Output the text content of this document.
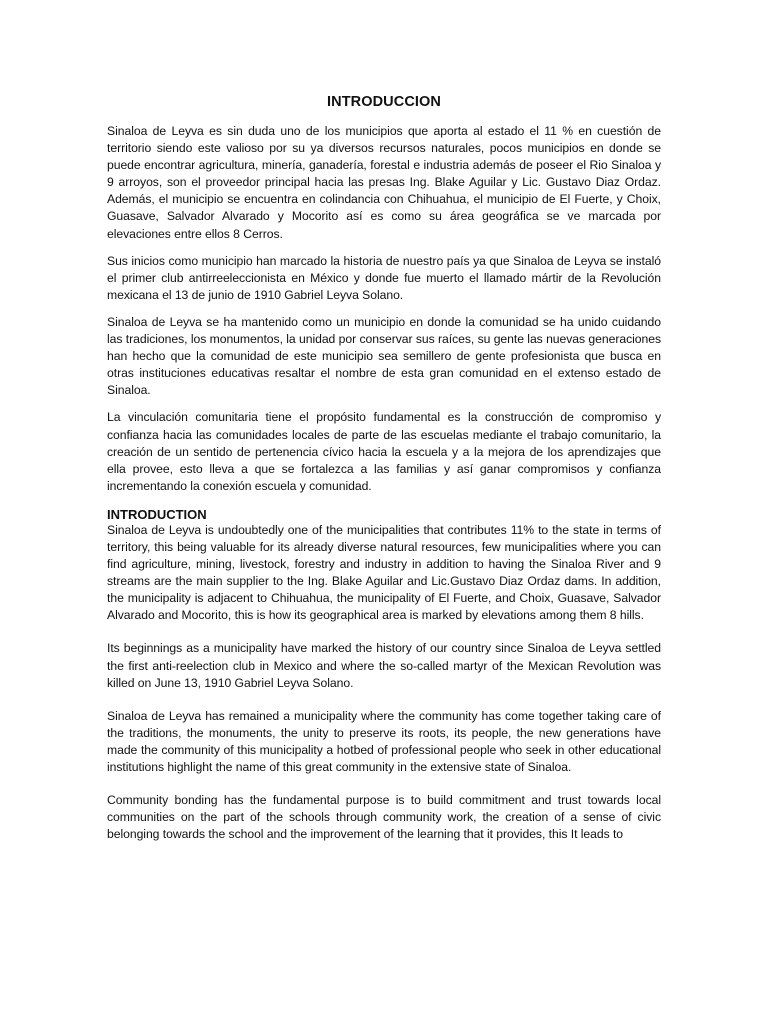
INTRODUCCION

Sinaloa de Leyva es sin duda uno de los municipios que aporta al estado el 11 % en cuestión de territorio siendo este valioso por su ya diversos recursos naturales, pocos municipios en donde se puede encontrar agricultura, minería, ganadería, forestal e industria además de poseer el Rio Sinaloa y 9 arroyos, son el proveedor principal hacia las presas Ing. Blake Aguilar y Lic. Gustavo Diaz Ordaz. Además, el municipio se encuentra en colindancia con Chihuahua, el municipio de El Fuerte, y Choix, Guasave, Salvador Alvarado y Mocorito así es como su área geográfica se ve marcada por elevaciones entre ellos 8 Cerros.

Sus inicios como municipio han marcado la historia de nuestro país ya que Sinaloa de Leyva se instaló el primer club antirreeleccionista en México y donde fue muerto el llamado mártir de la Revolución mexicana el 13 de junio de 1910 Gabriel Leyva Solano.

Sinaloa de Leyva se ha mantenido como un municipio en donde la comunidad se ha unido cuidando las tradiciones, los monumentos, la unidad por conservar sus raíces, su gente las nuevas generaciones han hecho que la comunidad de este municipio sea semillero de gente profesionista que busca en otras instituciones educativas resaltar el nombre de esta gran comunidad en el extenso estado de Sinaloa.

La vinculación comunitaria tiene el propósito fundamental es la construcción de compromiso y confianza hacia las comunidades locales de parte de las escuelas mediante el trabajo comunitario, la creación de un sentido de pertenencia cívico hacia la escuela y a la mejora de los aprendizajes que ella provee, esto lleva a que se fortalezca a las familias y así ganar compromisos y confianza incrementando la conexión escuela y comunidad.

INTRODUCTION

Sinaloa de Leyva is undoubtedly one of the municipalities that contributes 11% to the state in terms of territory, this being valuable for its already diverse natural resources, few municipalities where you can find agriculture, mining, livestock, forestry and industry in addition to having the Sinaloa River and 9 streams are the main supplier to the Ing. Blake Aguilar and Lic.Gustavo Diaz Ordaz dams. In addition, the municipality is adjacent to Chihuahua, the municipality of El Fuerte, and Choix, Guasave, Salvador Alvarado and Mocorito, this is how its geographical area is marked by elevations among them 8 hills.

Its beginnings as a municipality have marked the history of our country since Sinaloa de Leyva settled the first anti-reelection club in Mexico and where the so-called martyr of the Mexican Revolution was killed on June 13, 1910 Gabriel Leyva Solano.

Sinaloa de Leyva has remained a municipality where the community has come together taking care of the traditions, the monuments, the unity to preserve its roots, its people, the new generations have made the community of this municipality a hotbed of professional people who seek in other educational institutions highlight the name of this great community in the extensive state of Sinaloa.

Community bonding has the fundamental purpose is to build commitment and trust towards local communities on the part of the schools through community work, the creation of a sense of civic belonging towards the school and the improvement of the learning that it provides, this It leads to
